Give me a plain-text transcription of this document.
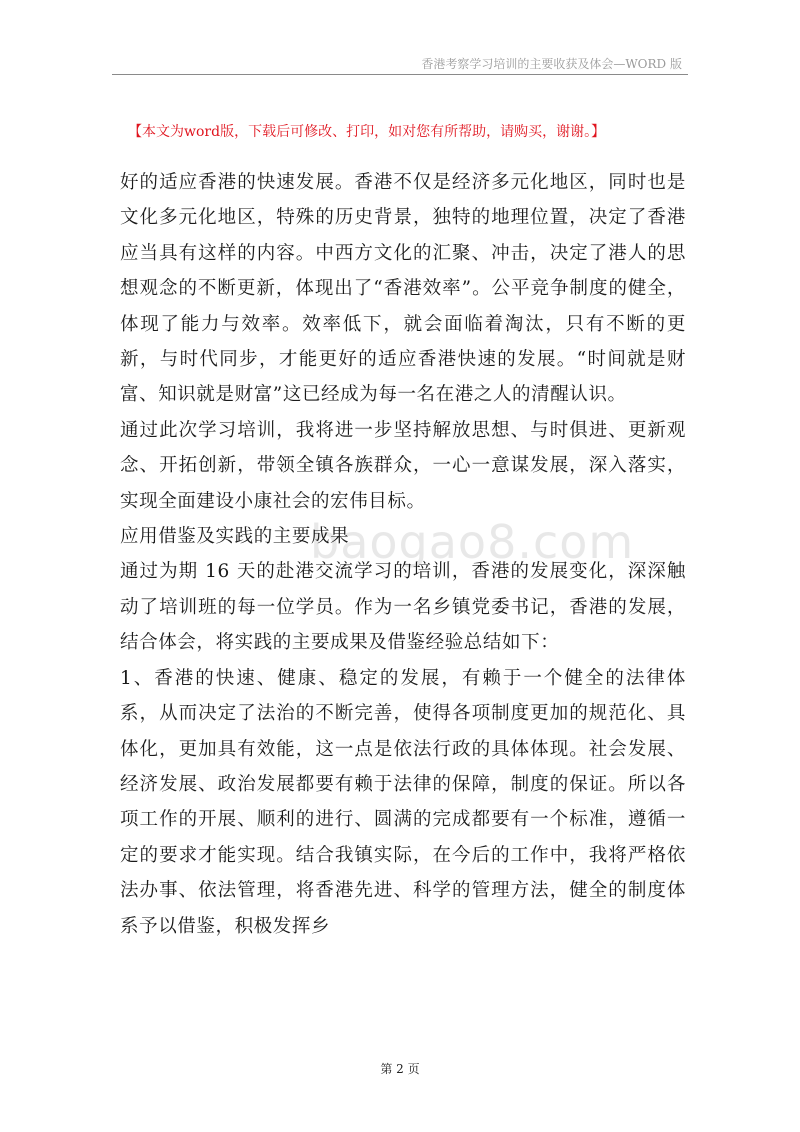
香港考察学习培训的主要收获及体会—WORD 版
【本文为word版，下载后可修改、打印，如对您有所帮助，请购买，谢谢。】
baogao8.com

好的适应香港的快速发展。香港不仅是经济多元化地区，同时也是文化多元化地区，特殊的历史背景，独特的地理位置，决定了香港应当具有这样的内容。中西方文化的汇聚、冲击，决定了港人的思想观念的不断更新，体现出了“香港效率”。公平竞争制度的健全，体现了能力与效率。效率低下，就会面临着淘汰，只有不断的更新，与时代同步，才能更好的适应香港快速的发展。“时间就是财富、知识就是财富”这已经成为每一名在港之人的清醒认识。

通过此次学习培训，我将进一步坚持解放思想、与时俱进、更新观念、开拓创新，带领全镇各族群众，一心一意谋发展，深入落实，实现全面建设小康社会的宏伟目标。

应用借鉴及实践的主要成果

通过为期 16 天的赴港交流学习的培训，香港的发展变化，深深触动了培训班的每一位学员。作为一名乡镇党委书记，香港的发展，结合体会，将实践的主要成果及借鉴经验总结如下：

1、香港的快速、健康、稳定的发展，有赖于一个健全的法律体系，从而决定了法治的不断完善，使得各项制度更加的规范化、具体化，更加具有效能，这一点是依法行政的具体体现。社会发展、经济发展、政治发展都要有赖于法律的保障，制度的保证。所以各项工作的开展、顺利的进行、圆满的完成都要有一个标准，遵循一定的要求才能实现。结合我镇实际，在今后的工作中，我将严格依法办事、依法管理，将香港先进、科学的管理方法，健全的制度体系予以借鉴，积极发挥乡

第 2 页
